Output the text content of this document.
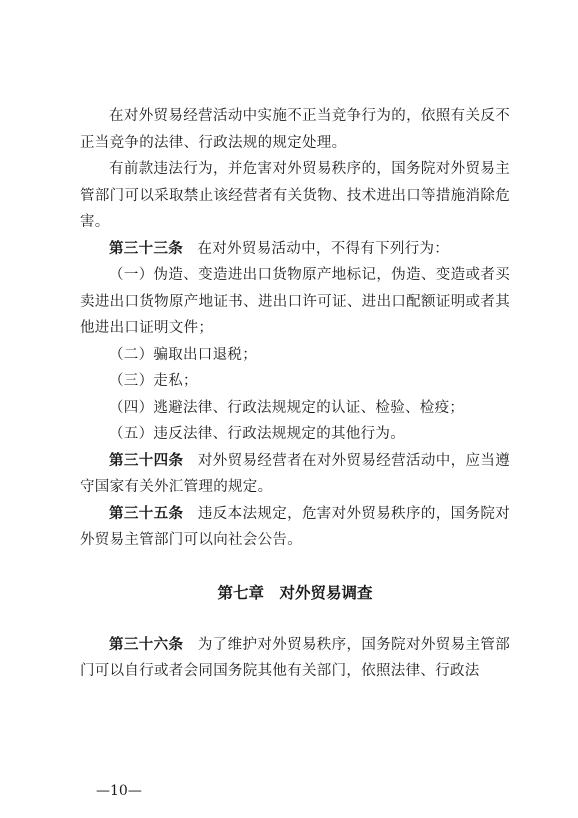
在对外贸易经营活动中实施不正当竞争行为的，依照有关反不正当竞争的法律、行政法规的规定处理。

有前款违法行为，并危害对外贸易秩序的，国务院对外贸易主管部门可以采取禁止该经营者有关货物、技术进出口等措施消除危害。

第三十三条 在对外贸易活动中，不得有下列行为：

（一）伪造、变造进出口货物原产地标记，伪造、变造或者买卖进出口货物原产地证书、进出口许可证、进出口配额证明或者其他进出口证明文件；

（二）骗取出口退税；

（三）走私；

（四）逃避法律、行政法规规定的认证、检验、检疫；

（五）违反法律、行政法规规定的其他行为。

第三十四条 对外贸易经营者在对外贸易经营活动中，应当遵守国家有关外汇管理的规定。

第三十五条 违反本法规定，危害对外贸易秩序的，国务院对外贸易主管部门可以向社会公告。

第七章　对外贸易调查

第三十六条 为了维护对外贸易秩序，国务院对外贸易主管部门可以自行或者会同国务院其他有关部门，依照法律、行政法

—10—
